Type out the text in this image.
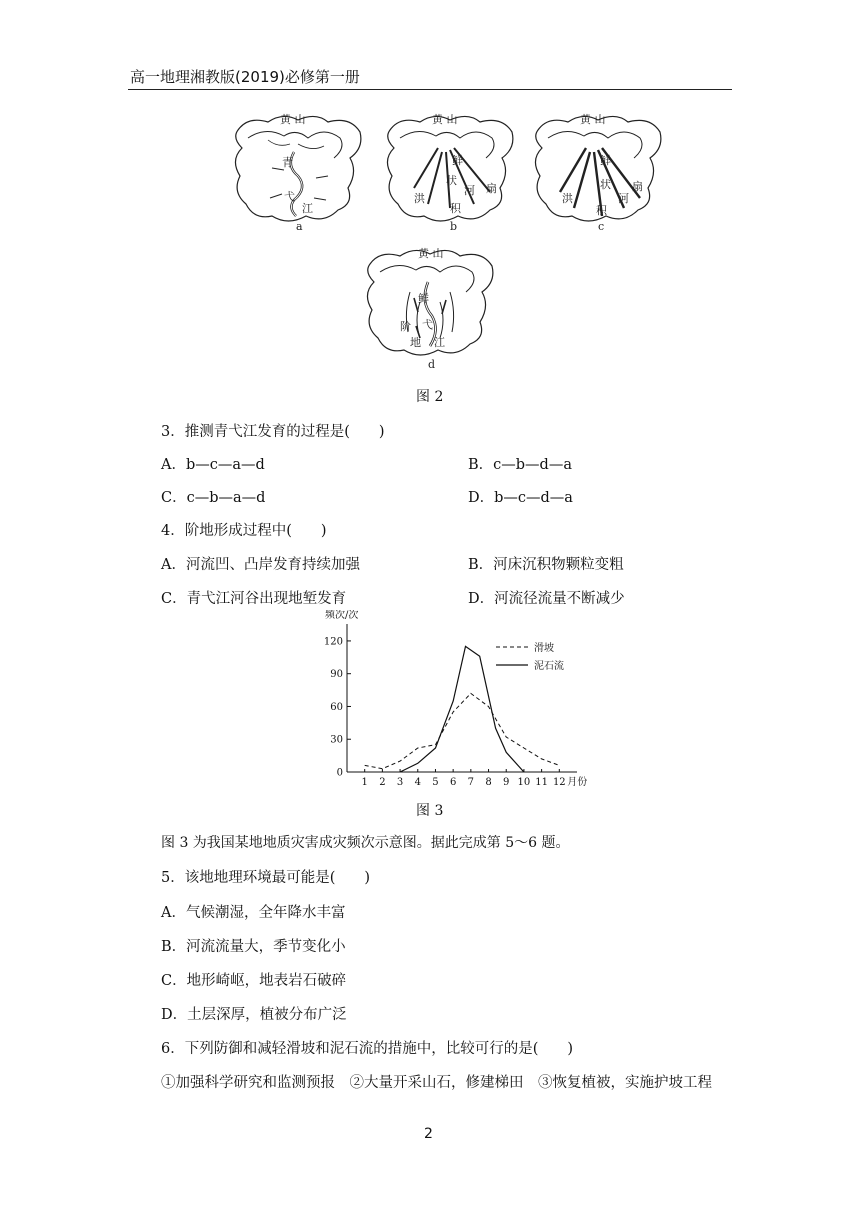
高一地理湘教版(2019)必修第一册
黄 山
青
弋
江
a
黄 山
鲜
状
扇
河
洪
积
b
黄 山
鲜
状 扇
河
洪
积
c
黄 山
鲜
阶 弋
地 江
d
图 2
3．推测青弋江发育的过程是(　　)
A．b—c—a—d	B．c—b—d—a
C．c—b—a—d	D．b—c—d—a
4．阶地形成过程中(　　)
A．河流凹、凸岸发育持续加强	B．河床沉积物颗粒变粗
C．青弋江河谷出现地堑发育	D．河流径流量不断减少
0
30
60
90
120
1 2 3 4 5 6 7 8 9 10 11 12
频次/次
月份
滑坡
泥石流
图 3
图 3 为我国某地地质灾害成灾频次示意图。据此完成第 5～6 题。
5．该地地理环境最可能是(　　)
A．气候潮湿，全年降水丰富
B．河流流量大，季节变化小
C．地形崎岖，地表岩石破碎
D．土层深厚，植被分布广泛
6．下列防御和减轻滑坡和泥石流的措施中，比较可行的是(　　)
①加强科学研究和监测预报　②大量开采山石，修建梯田　③恢复植被，实施护坡工程
2
